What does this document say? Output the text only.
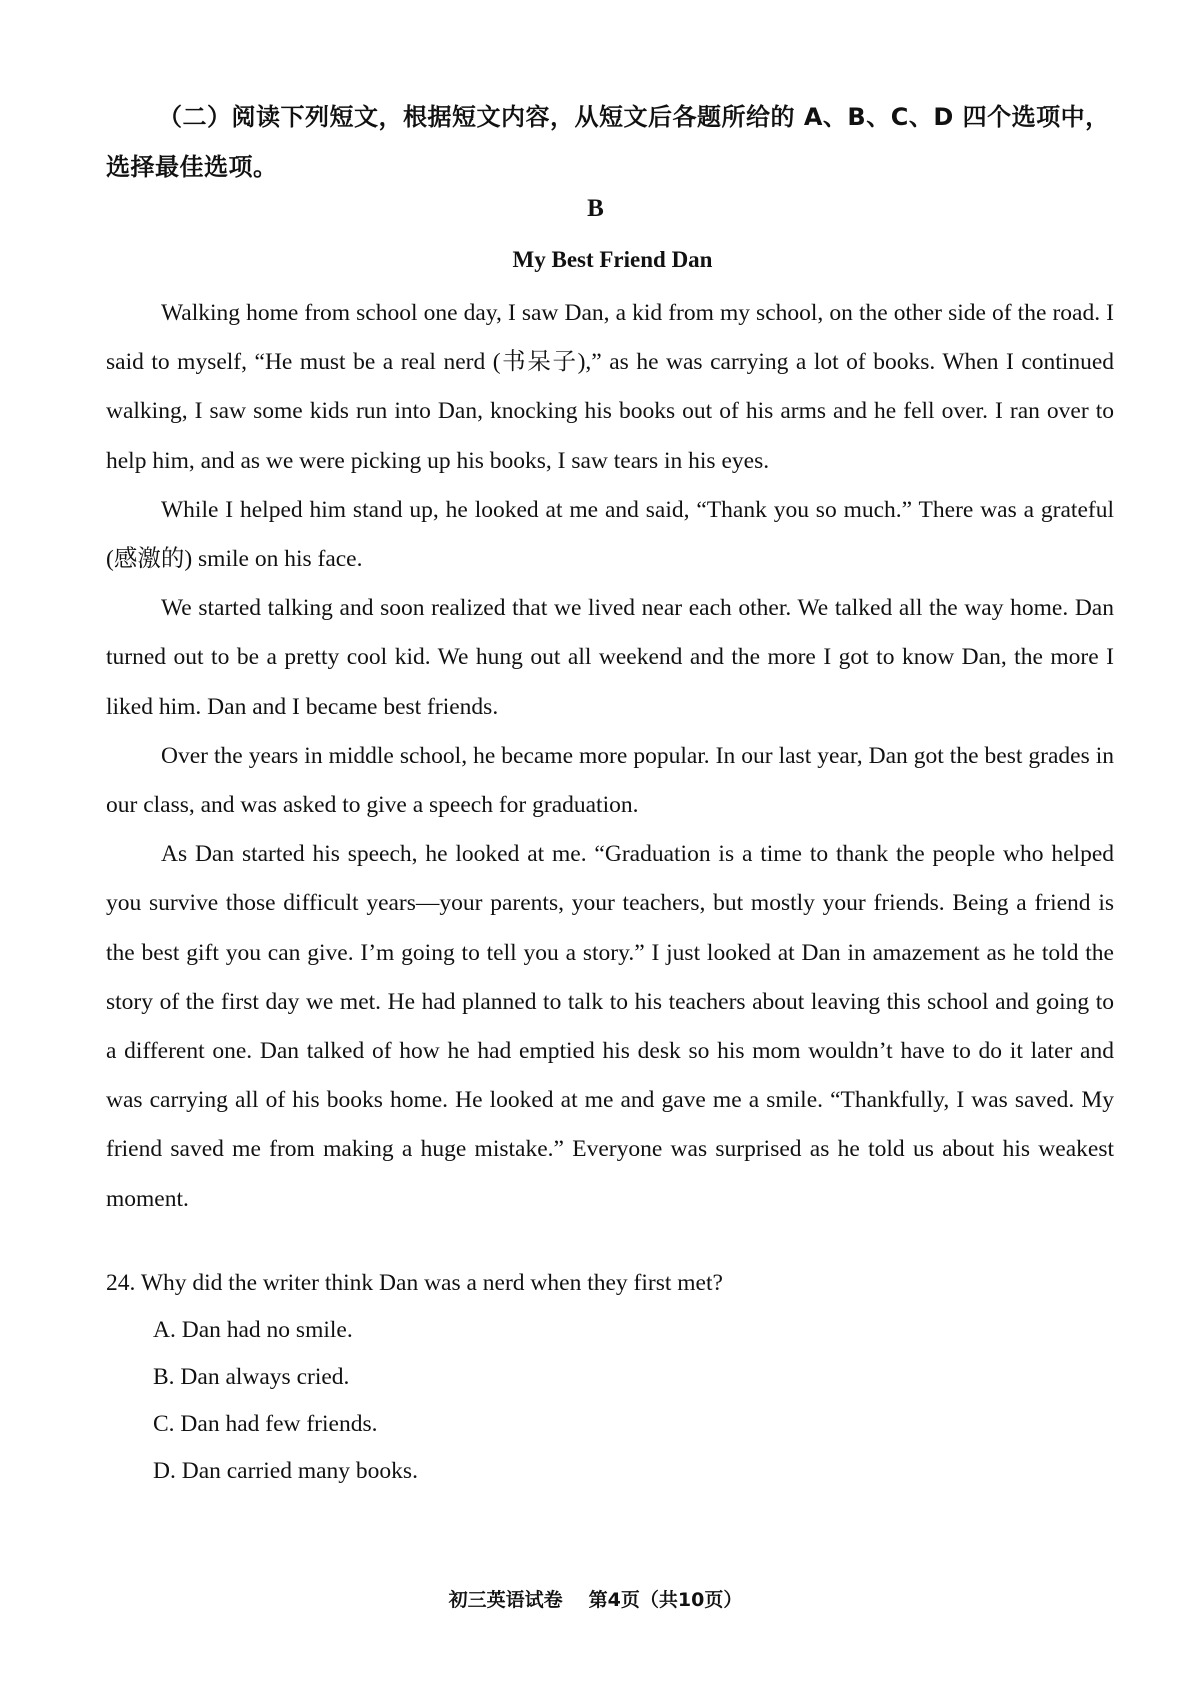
（二）阅读下列短文，根据短文内容，从短文后各题所给的 A、B、C、D 四个选项中，选择最佳选项。

B

My Best Friend Dan

Walking home from school one day, I saw Dan, a kid from my school, on the other side of the road. I said to myself, “He must be a real nerd (书呆子),” as he was carrying a lot of books. When I continued walking, I saw some kids run into Dan, knocking his books out of his arms and he fell over. I ran over to help him, and as we were picking up his books, I saw tears in his eyes.

While I helped him stand up, he looked at me and said, “Thank you so much.” There was a grateful (感激的) smile on his face.

We started talking and soon realized that we lived near each other. We talked all the way home. Dan turned out to be a pretty cool kid. We hung out all weekend and the more I got to know Dan, the more I liked him. Dan and I became best friends.

Over the years in middle school, he became more popular. In our last year, Dan got the best grades in our class, and was asked to give a speech for graduation.

As Dan started his speech, he looked at me. “Graduation is a time to thank the people who helped you survive those difficult years—your parents, your teachers, but mostly your friends. Being a friend is the best gift you can give. I’m going to tell you a story.” I just looked at Dan in amazement as he told the story of the first day we met. He had planned to talk to his teachers about leaving this school and going to a different one. Dan talked of how he had emptied his desk so his mom wouldn’t have to do it later and was carrying all of his books home. He looked at me and gave me a smile. “Thankfully, I was saved. My friend saved me from making a huge mistake.” Everyone was surprised as he told us about his weakest moment.

24. Why did the writer think Dan was a nerd when they first met?

A. Dan had no smile.

B. Dan always cried.

C. Dan had few friends.

D. Dan carried many books.

初三英语试卷 第4页（共10页）
